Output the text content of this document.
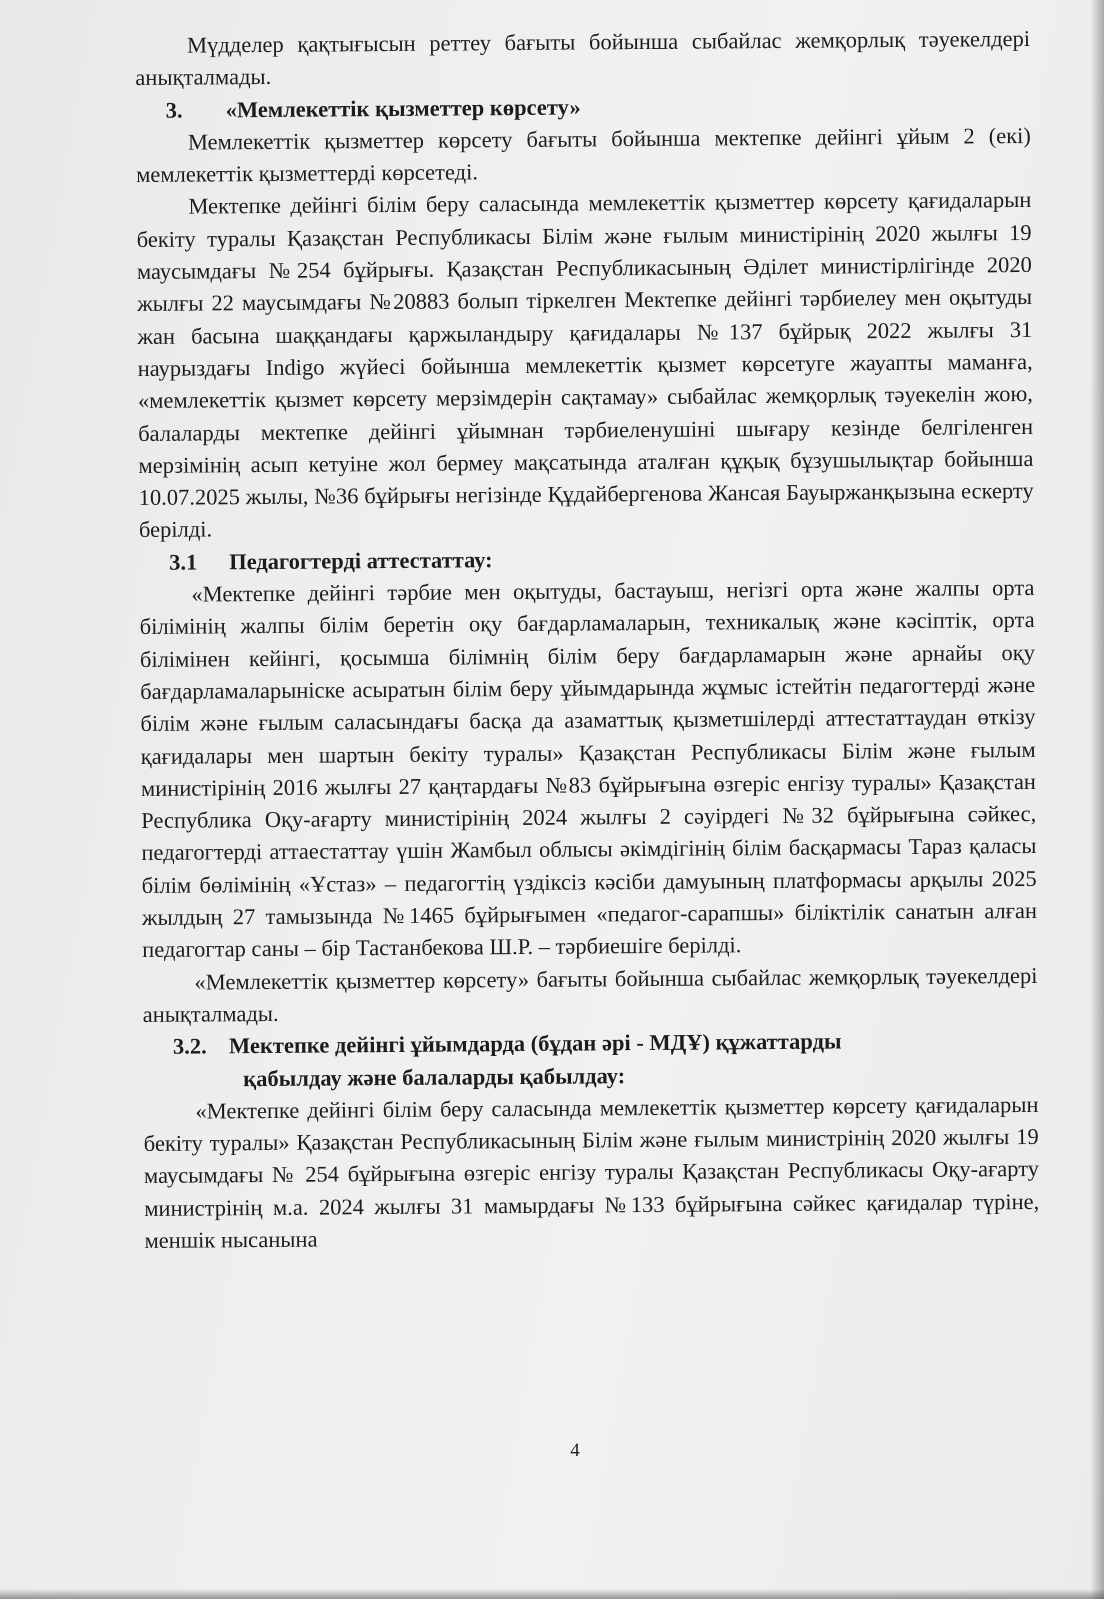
Мүдделер қақтығысын реттеу бағыты бойынша сыбайлас жемқорлық тәуекелдері анықталмады.

3.	«Мемлекеттік қызметтер көрсету»

Мемлекеттік қызметтер көрсету бағыты бойынша мектепке дейінгі ұйым 2 (екі) мемлекеттік қызметтерді көрсетеді.

Мектепке дейінгі білім беру саласында мемлекеттік қызметтер көрсету қағидаларын бекіту туралы Қазақстан Республикасы Білім және ғылым министірінің 2020 жылғы 19 маусымдағы №254 бұйрығы. Қазақстан Республикасының Әділет министірлігінде 2020 жылғы 22 маусымдағы №20883 болып тіркелген Мектепке дейінгі тәрбиелеу мен оқытуды жан басына шаққандағы қаржыландыру қағидалары №137 бұйрық 2022 жылғы 31 наурыздағы Indigo жүйесі бойынша мемлекеттік қызмет көрсетуге жауапты маманға, «мемлекеттік қызмет көрсету мерзімдерін сақтамау» сыбайлас жемқорлық тәуекелін жою, балаларды мектепке дейінгі ұйымнан тәрбиеленушіні шығару кезінде белгіленген мерзімінің асып кетуіне жол бермеу мақсатында аталған құқық бұзушылықтар бойынша 10.07.2025 жылы, №36 бұйрығы негізінде Құдайбергенова Жансая Бауыржанқызына ескерту берілді.

3.1	Педагогтерді аттестаттау:

«Мектепке дейінгі тәрбие мен оқытуды, бастауыш, негізгі орта және жалпы орта білімінің жалпы білім беретін оқу бағдарламаларын, техникалық және кәсіптік, орта білімінен кейінгі, қосымша білімнің білім беру бағдарламарын және арнайы оқу бағдарламаларыніске асыратын білім беру ұйымдарында жұмыс істейтін педагогтерді және білім және ғылым саласындағы басқа да азаматтық қызметшілерді аттестаттаудан өткізу қағидалары мен шартын бекіту туралы» Қазақстан Республикасы Білім және ғылым министірінің 2016 жылғы 27 қаңтардағы №83 бұйрығына өзгеріс енгізу туралы» Қазақстан Республика Оқу-ағарту министірінің 2024 жылғы 2 сәуірдегі №32 бұйрығына сәйкес, педагогтерді аттаестаттау үшін Жамбыл облысы әкімдігінің білім басқармасы Тараз қаласы білім бөлімінің «Ұстаз» – педагогтің үздіксіз кәсіби дамуының платформасы арқылы 2025 жылдың 27 тамызында №1465 бұйрығымен «педагог-сарапшы» біліктілік санатын алған педагогтар саны – бір Тастанбекова Ш.Р. – тәрбиешіге берілді.

«Мемлекеттік қызметтер көрсету» бағыты бойынша сыбайлас жемқорлық тәуекелдері анықталмады.

3.2. Мектепке дейінгі ұйымдарда (бұдан әрі - МДҰ) құжаттарды
қабылдау және балаларды қабылдау:

«Мектепке дейінгі білім беру саласында мемлекеттік қызметтер көрсету қағидаларын бекіту туралы» Қазақстан Республикасының Білім және ғылым министрінің 2020 жылғы 19 маусымдағы № 254 бұйрығына өзгеріс енгізу туралы Қазақстан Республикасы Оқу-ағарту министрінің м.а. 2024 жылғы 31 мамырдағы №133 бұйрығына сәйкес қағидалар түріне, меншік нысанына

4
